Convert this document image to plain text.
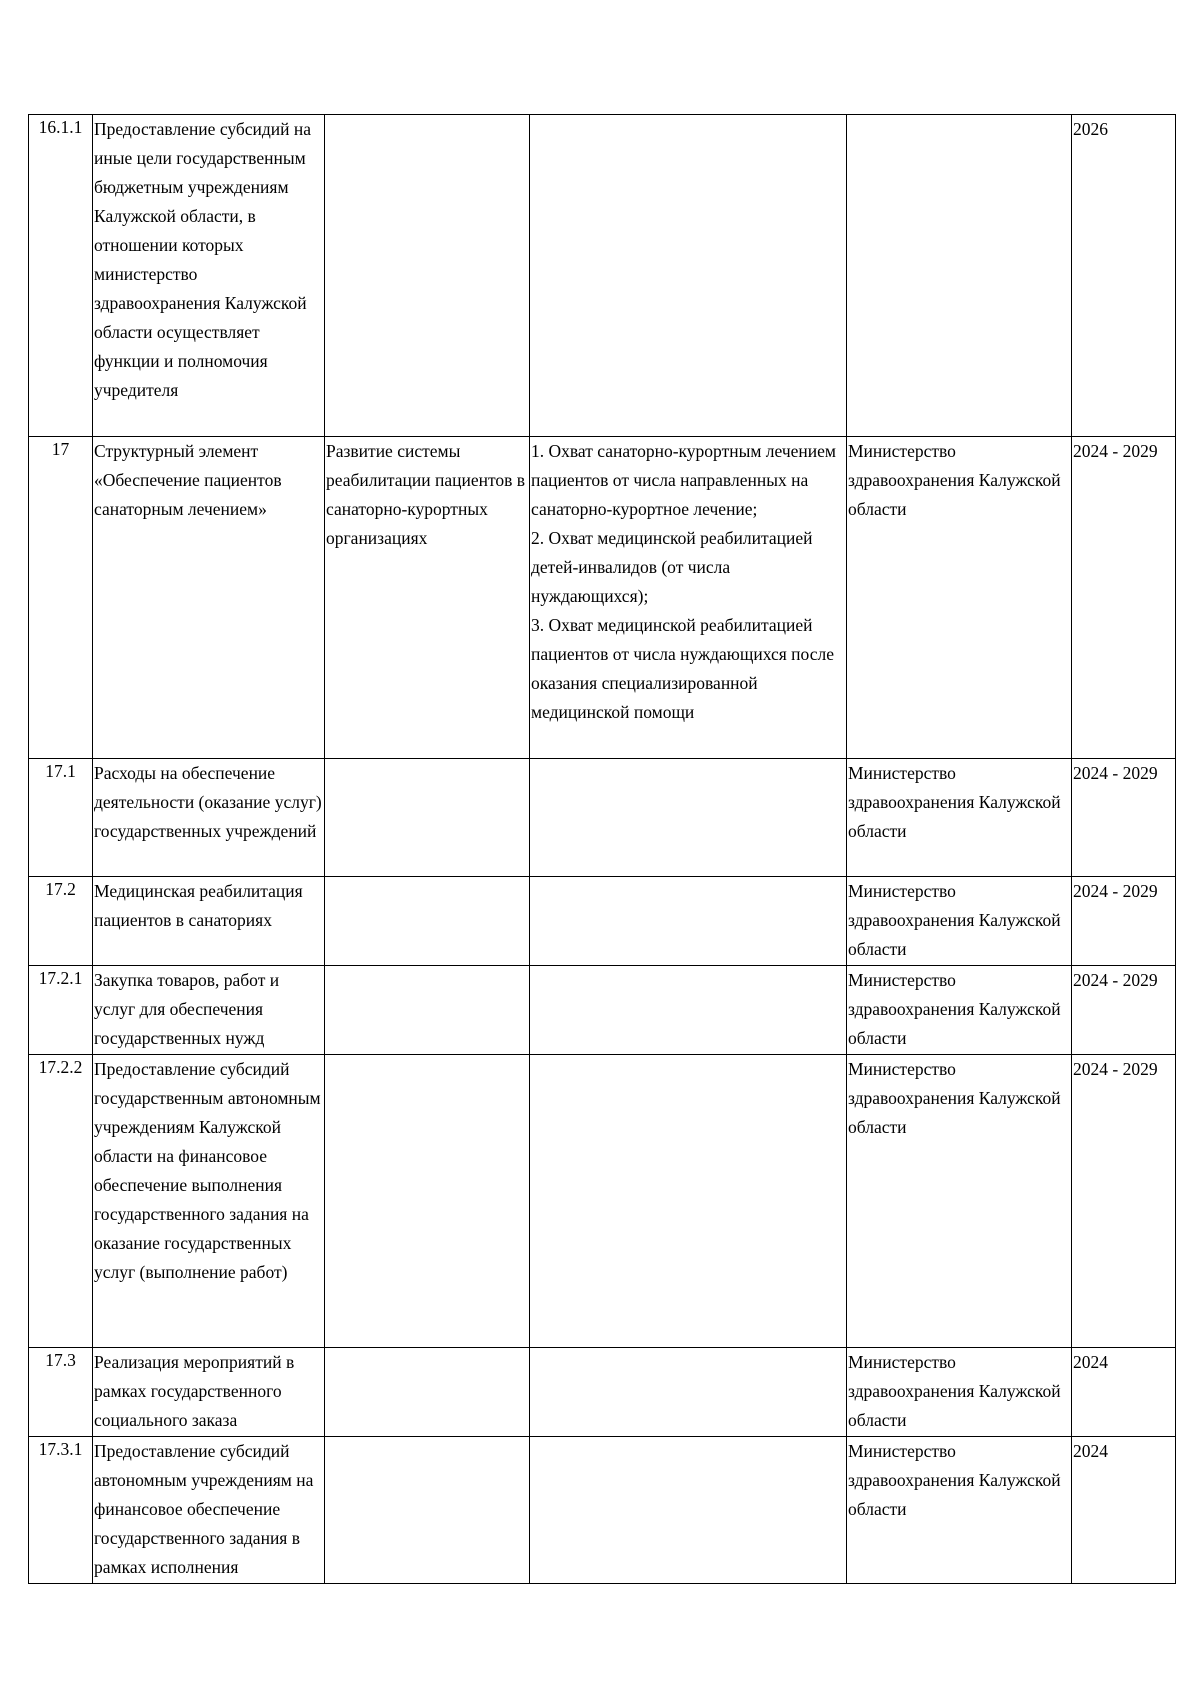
16.1.1	Предоставление субсидий на иные цели государственным бюджетным учреждениям Калужской области, в отношении которых министерство здравоохранения Калужской области осуществляет функции и полномочия учредителя				2026
17	Структурный элемент «Обеспечение пациентов санаторным лечением»	Развитие системы реабилитации пациентов в санаторно-курортных организациях	1. Охват санаторно-курортным лечением пациентов от числа направленных на санаторно-курортное лечение;
2. Охват медицинской реабилитацией детей-инвалидов (от числа нуждающихся);
3. Охват медицинской реабилитацией пациентов от числа нуждающихся после оказания специализированной медицинской помощи	Министерство здравоохранения Калужской области	2024 - 2029
17.1	Расходы на обеспечение деятельности (оказание услуг) государственных учреждений			Министерство здравоохранения Калужской области	2024 - 2029
17.2	Медицинская реабилитация пациентов в санаториях			Министерство здравоохранения Калужской области	2024 - 2029
17.2.1	Закупка товаров, работ и услуг для обеспечения государственных нужд			Министерство здравоохранения Калужской области	2024 - 2029
17.2.2	Предоставление субсидий государственным автономным учреждениям Калужской области на финансовое обеспечение выполнения государственного задания на оказание государственных услуг (выполнение работ)			Министерство здравоохранения Калужской области	2024 - 2029
17.3	Реализация мероприятий в рамках государственного социального заказа			Министерство здравоохранения Калужской области	2024
17.3.1	Предоставление субсидий автономным учреждениям на финансовое обеспечение государственного задания в рамках исполнения			Министерство здравоохранения Калужской области	2024
